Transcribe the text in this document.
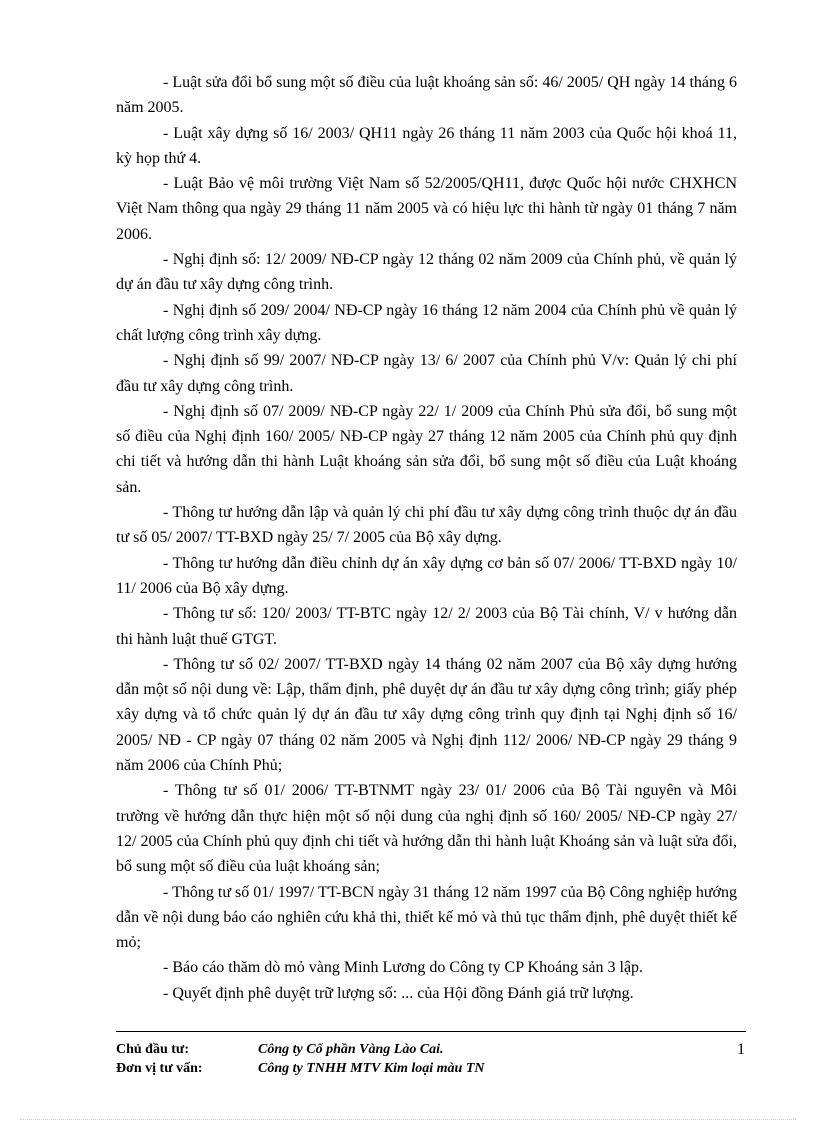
- Luật sửa đổi bổ sung một số điều của luật khoáng sản số: 46/ 2005/ QH ngày 14 tháng 6 năm 2005.

- Luật xây dựng số 16/ 2003/ QH11 ngày 26 tháng 11 năm 2003 của Quốc hội khoá 11, kỳ họp thứ 4.

- Luật Bảo vệ môi trường Việt Nam số 52/2005/QH11, được Quốc hội nước CHXHCN Việt Nam thông qua ngày 29 tháng 11 năm 2005 và có hiệu lực thi hành từ ngày 01 tháng 7 năm 2006.

- Nghị định số: 12/ 2009/ NĐ-CP ngày 12 tháng 02 năm 2009 của Chính phủ, về quản lý dự án đầu tư xây dựng công trình.

- Nghị định số 209/ 2004/ NĐ-CP ngày 16 tháng 12 năm 2004 của Chính phủ về quản lý chất lượng công trình xây dựng.

- Nghị định số 99/ 2007/ NĐ-CP ngày 13/ 6/ 2007 của Chính phủ V/v: Quản lý chi phí đầu tư xây dựng công trình.

- Nghị định số 07/ 2009/ NĐ-CP ngày 22/ 1/ 2009 của Chính Phủ sửa đổi, bổ sung một số điều của Nghị định 160/ 2005/ NĐ-CP ngày 27 tháng 12 năm 2005 của Chính phủ quy định chi tiết và hướng dẫn thi hành Luật khoáng sản sửa đổi, bổ sung một số điều của Luật khoáng sản.

- Thông tư hướng dẫn lập và quản lý chi phí đầu tư xây dựng công trình thuộc dự án đầu tư số 05/ 2007/ TT-BXD ngày 25/ 7/ 2005 của Bộ xây dựng.

- Thông tư hướng dẫn điều chỉnh dự án xây dựng cơ bản số 07/ 2006/ TT-BXD ngày 10/ 11/ 2006 của Bộ xây dựng.

- Thông tư số: 120/ 2003/ TT-BTC ngày 12/ 2/ 2003 của Bộ Tài chính, V/ v hướng dẫn thi hành luật thuế GTGT.

- Thông tư số 02/ 2007/ TT-BXD ngày 14 tháng 02 năm 2007 của Bộ xây dựng hướng dẫn một số nội dung về: Lập, thẩm định, phê duyệt dự án đầu tư xây dựng công trình; giấy phép xây dựng và tổ chức quản lý dự án đầu tư xây dựng công trình quy định tại Nghị định số 16/ 2005/ NĐ - CP ngày 07 tháng 02 năm 2005 và Nghị định 112/ 2006/ NĐ-CP ngày 29 tháng 9 năm 2006 của Chính Phủ;

- Thông tư số 01/ 2006/ TT-BTNMT ngày 23/ 01/ 2006 của Bộ Tài nguyên và Môi trường về hướng dẫn thực hiện một số nội dung của nghị định số 160/ 2005/ NĐ-CP ngày 27/ 12/ 2005 của Chính phủ quy định chi tiết và hướng dẫn thi hành luật Khoáng sản và luật sửa đổi, bổ sung một số điều của luật khoáng sản;

- Thông tư số 01/ 1997/ TT-BCN ngày 31 tháng 12 năm 1997 của Bộ Công nghiệp hướng dẫn về nội dung báo cáo nghiên cứu khả thi, thiết kế mỏ và thủ tục thẩm định, phê duyệt thiết kế mỏ;

- Báo cáo thăm dò mỏ vàng Minh Lương do Công ty CP Khoáng sản 3 lập.

- Quyết định phê duyệt trữ lượng số: ... của Hội đồng Đánh giá trữ lượng.

Chủ đầu tư:	Công ty Cổ phần Vàng Lào Cai.	1
Đơn vị tư vấn:	Công ty TNHH MTV Kim loại màu TN
